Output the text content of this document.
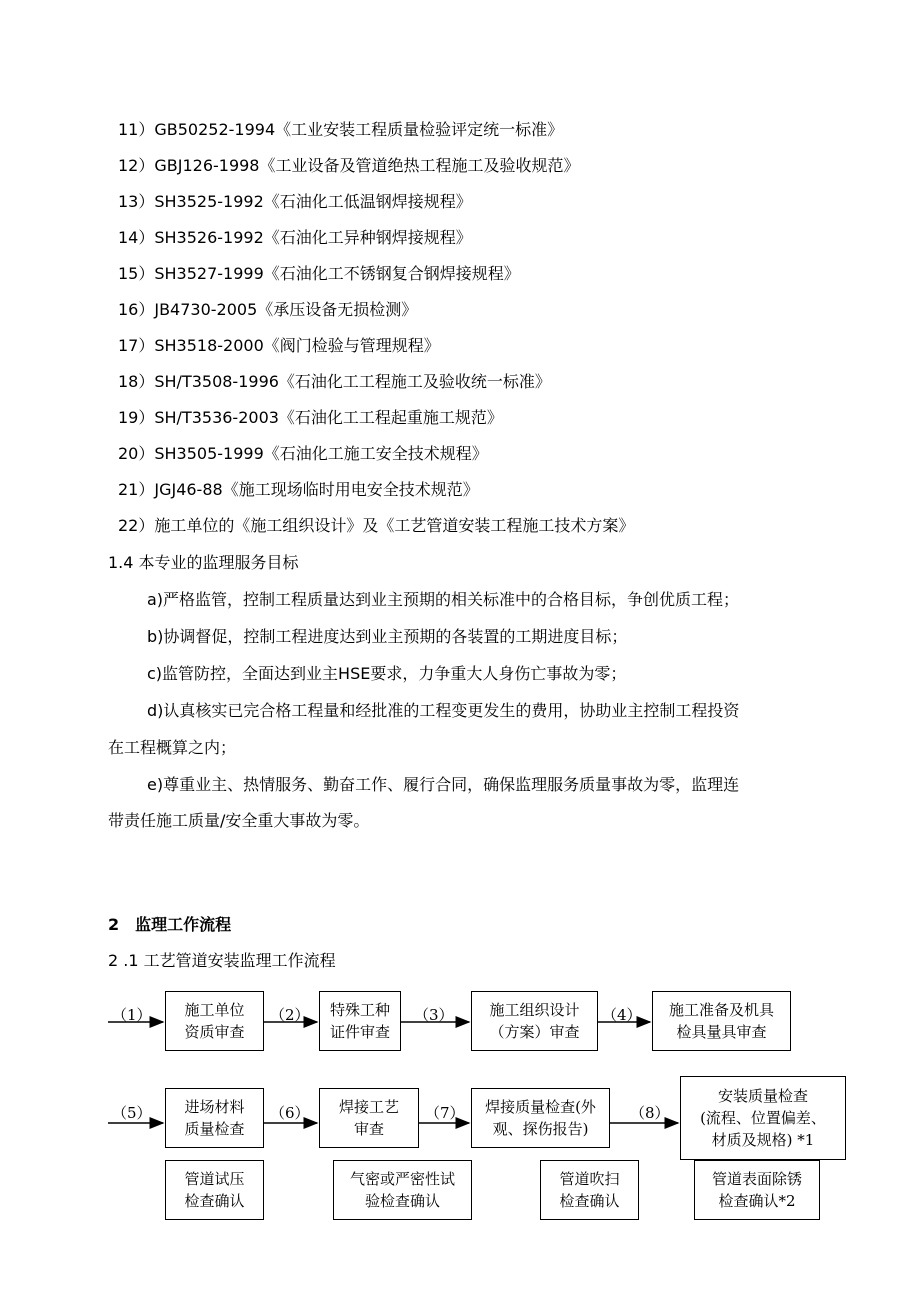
11）GB50252-1994《工业安装工程质量检验评定统一标准》
12）GBJ126-1998《工业设备及管道绝热工程施工及验收规范》
13）SH3525-1992《石油化工低温钢焊接规程》
14）SH3526-1992《石油化工异种钢焊接规程》
15）SH3527-1999《石油化工不锈钢复合钢焊接规程》
16）JB4730-2005《承压设备无损检测》
17）SH3518-2000《阀门检验与管理规程》
18）SH/T3508-1996《石油化工工程施工及验收统一标准》
19）SH/T3536-2003《石油化工工程起重施工规范》
20）SH3505-1999《石油化工施工安全技术规程》
21）JGJ46-88《施工现场临时用电安全技术规范》
22）施工单位的《施工组织设计》及《工艺管道安装工程施工技术方案》
1.4 本专业的监理服务目标
a)严格监管，控制工程质量达到业主预期的相关标准中的合格目标，争创优质工程；
b)协调督促，控制工程进度达到业主预期的各装置的工期进度目标；
c)监管防控，全面达到业主HSE要求，力争重大人身伤亡事故为零；
d)认真核实已完合格工程量和经批准的工程变更发生的费用，协助业主控制工程投资
在工程概算之内；
e)尊重业主、热情服务、勤奋工作、履行合同，确保监理服务质量事故为零，监理连
带责任施工质量/安全重大事故为零。
2　监理工作流程
2 .1 工艺管道安装监理工作流程
（1）	（2）	（3）	（4）
（5）	（6）	（7）	（8）
施工单位
资质审查
特殊工种
证件审查
施工组织设计
（方案）审查
施工准备及机具
检具量具审查
进场材料
质量检查
焊接工艺
审查
焊接质量检查(外
观、探伤报告)
安装质量检查
(流程、位置偏差、
材质及规格) *1
管道试压
检查确认
气密或严密性试
验检查确认
管道吹扫
检查确认
管道表面除锈
检查确认*2
